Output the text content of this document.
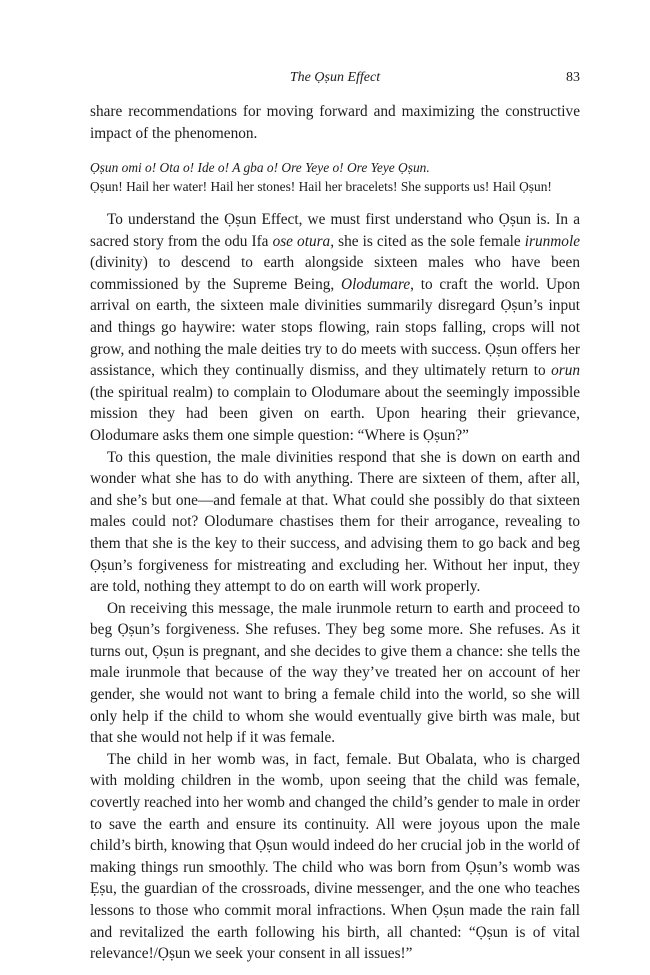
The Ọṣun Effect	83

share recommendations for moving forward and maximizing the constructive impact of the phenomenon.

Ọṣun omi o! Ota o! Ide o! A gba o! Ore Yeye o! Ore Yeye Ọṣun.

Ọṣun! Hail her water! Hail her stones! Hail her bracelets! She supports us! Hail Ọṣun!

To understand the Ọṣun Effect, we must first understand who Ọṣun is. In a sacred story from the odu Ifa ose otura, she is cited as the sole female irunmole (divinity) to descend to earth alongside sixteen males who have been commissioned by the Supreme Being, Olodumare, to craft the world. Upon arrival on earth, the sixteen male divinities summarily disregard Ọṣun’s input and things go haywire: water stops flowing, rain stops falling, crops will not grow, and nothing the male deities try to do meets with success. Ọṣun offers her assistance, which they continually dismiss, and they ultimately return to orun (the spiritual realm) to complain to Olodumare about the seemingly impossible mission they had been given on earth. Upon hearing their grievance, Olodumare asks them one simple question: “Where is Ọṣun?”

To this question, the male divinities respond that she is down on earth and wonder what she has to do with anything. There are sixteen of them, after all, and she’s but one—and female at that. What could she possibly do that sixteen males could not? Olodumare chastises them for their arrogance, revealing to them that she is the key to their success, and advising them to go back and beg Ọṣun’s forgiveness for mistreating and excluding her. Without her input, they are told, nothing they attempt to do on earth will work properly.

On receiving this message, the male irunmole return to earth and proceed to beg Ọṣun’s forgiveness. She refuses. They beg some more. She refuses. As it turns out, Ọṣun is pregnant, and she decides to give them a chance: she tells the male irunmole that because of the way they’ve treated her on account of her gender, she would not want to bring a female child into the world, so she will only help if the child to whom she would eventually give birth was male, but that she would not help if it was female.

The child in her womb was, in fact, female. But Obalata, who is charged with molding children in the womb, upon seeing that the child was female, covertly reached into her womb and changed the child’s gender to male in order to save the earth and ensure its continuity. All were joyous upon the male child’s birth, knowing that Ọṣun would indeed do her crucial job in the world of making things run smoothly. The child who was born from Ọṣun’s womb was Ẹṣu, the guardian of the crossroads, divine messenger, and the one who teaches lessons to those who commit moral infractions. When Ọṣun made the rain fall and revitalized the earth following his birth, all chanted: “Ọṣun is of vital relevance!/Ọṣun we seek your consent in all issues!”
